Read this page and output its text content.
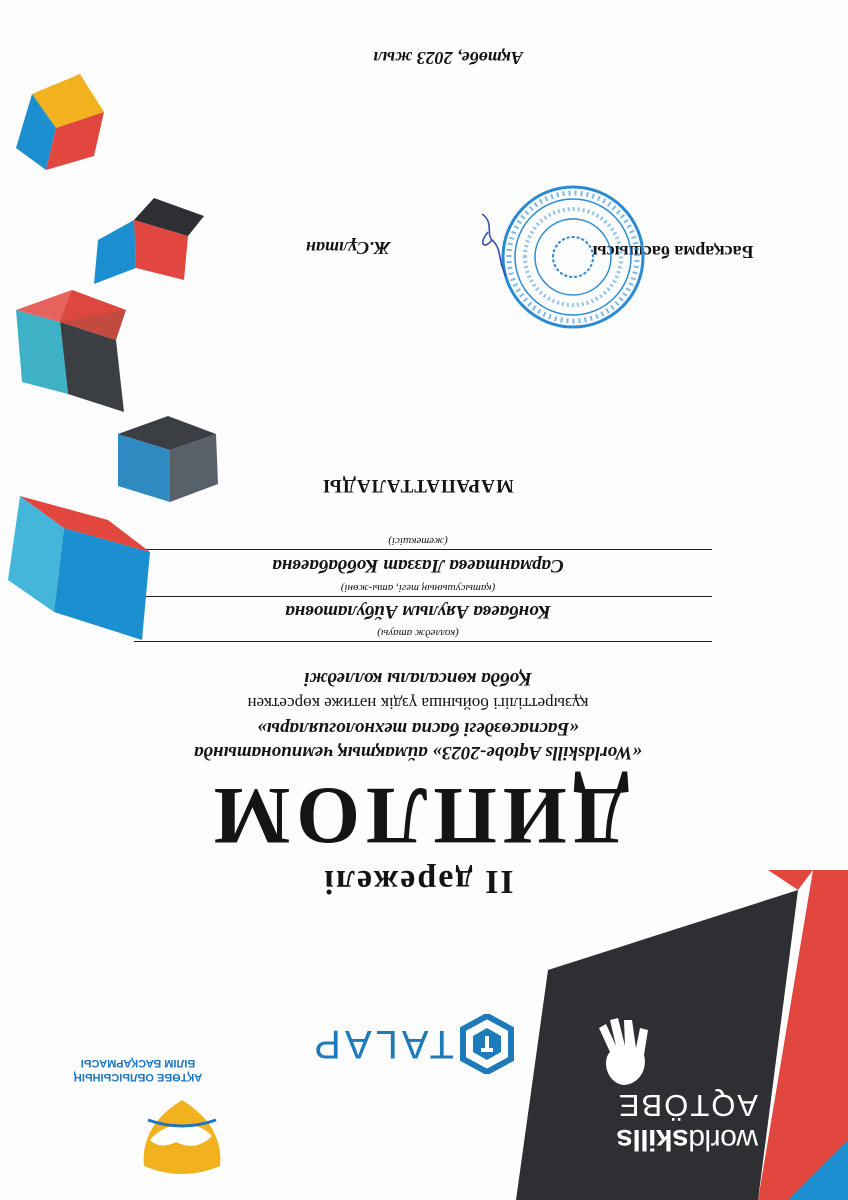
worldskills
AQTÖBE
TALAP
АҚТӨБЕ ОБЛЫСЫНЫҢ
БІЛІМ БАСҚАРМАСЫ
ІІ дәрежелі
ДИПЛОМ
«Worldskills Aqtobe-2023» аймақтық чемпионатында
«Баспасөздегі баспа технологиялары»
құзыреттілігі бойынша үздік нәтиже көрсеткен
Қобда көпсалалы колледжі
(колледж атауы)
Конбаева Аяулым Айбулатовна
(қатысушының тегі, аты-жөні)
Сармантаева Лаззат Кобдабаевна
(жетекшісі)
МАРАПАТТАЛАДЫ
Басқарма басшысы
Ж.Сұлтан
Ақтөбе, 2023 жыл
